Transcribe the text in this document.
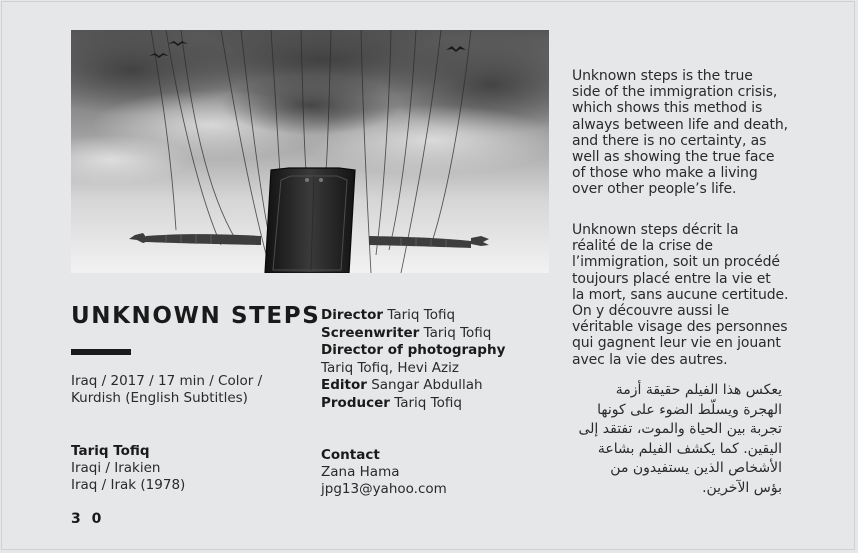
UNKNOWN STEPS
Iraq / 2017 / 17 min / Color /
Kurdish (English Subtitles)
Tariq Tofiq
Iraqi / Irakien
Iraq / Irak (1978)
3 0
Director Tariq Tofiq
Screenwriter Tariq Tofiq
Director of photography
Tariq Tofiq, Hevi Aziz
Editor Sangar Abdullah
Producer Tariq Tofiq
Contact
Zana Hama
jpg13@yahoo.com
Unknown steps is the true
side of the immigration crisis,
which shows this method is
always between life and death,
and there is no certainty, as
well as showing the true face
of those who make a living
over other people’s life.
Unknown steps décrit la
réalité de la crise de
l’immigration, soit un procédé
toujours placé entre la vie et
la mort, sans aucune certitude.
On y découvre aussi le
véritable visage des personnes
qui gagnent leur vie en jouant
avec la vie des autres.
يعكس هذا الفيلم حقيقة أزمة
الهجرة ويسلّط الضوء على كونها
تجربة بين الحياة والموت، تفتقد إلى
اليقين. كما يكشف الفيلم بشاعة
الأشخاص الذين يستفيدون من
بؤس الآخرين.
